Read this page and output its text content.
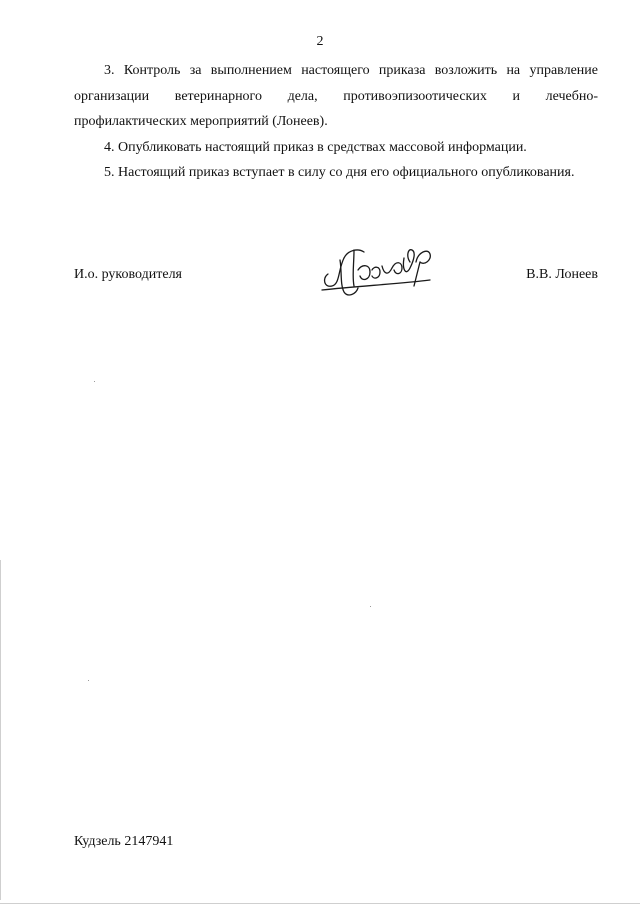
2

3. Контроль за выполнением настоящего приказа возложить на управление организации ветеринарного дела, противоэпизоотических и лечебно-профилактических мероприятий (Лонеев).

4. Опубликовать настоящий приказ в средствах массовой информации.

5. Настоящий приказ вступает в силу со дня его официального опубликования.

И.о. руководителя	В.В. Лонеев
Кудзель 2147941
